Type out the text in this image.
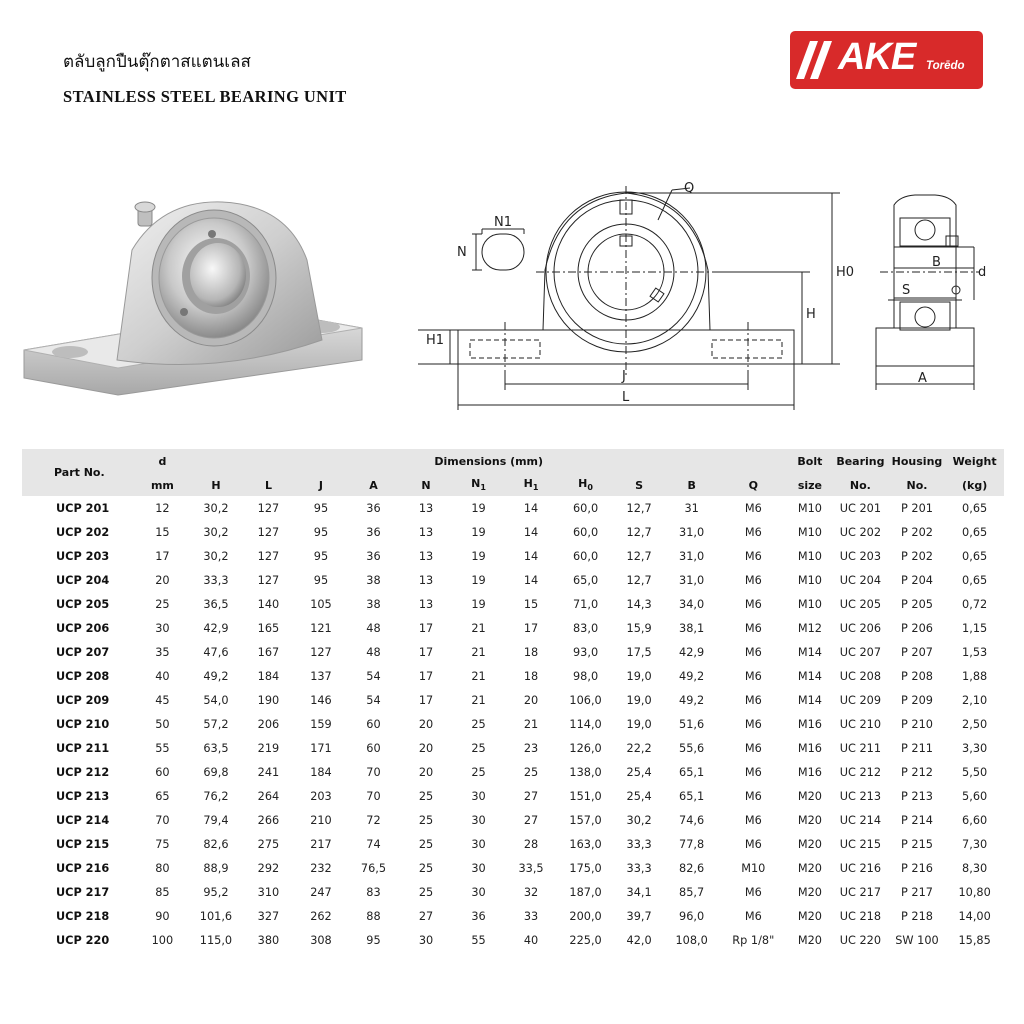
ตลับลูกปืนตุ๊กตาสแตนเลส
STAINLESS STEEL BEARING UNIT
AKE Torēdo
N1
N
J
L
H1
H
H0
Q
B
d
S
A
Part No.	d	Dimensions (mm)											Bolt	Bearing	Housing	Weight
	mm	H	L	J	A	N	$N_1$	$H_1$	$H_0$	S	B	Q	size	No.	No.	(kg)
UCP 201	12	30,2	127	95	36	13	19	14	60,0	12,7	31	M6	M10	UC 201	P 201	0,65
UCP 202	15	30,2	127	95	36	13	19	14	60,0	12,7	31,0	M6	M10	UC 202	P 202	0,65
UCP 203	17	30,2	127	95	36	13	19	14	60,0	12,7	31,0	M6	M10	UC 203	P 202	0,65
UCP 204	20	33,3	127	95	38	13	19	14	65,0	12,7	31,0	M6	M10	UC 204	P 204	0,65
UCP 205	25	36,5	140	105	38	13	19	15	71,0	14,3	34,0	M6	M10	UC 205	P 205	0,72
UCP 206	30	42,9	165	121	48	17	21	17	83,0	15,9	38,1	M6	M12	UC 206	P 206	1,15
UCP 207	35	47,6	167	127	48	17	21	18	93,0	17,5	42,9	M6	M14	UC 207	P 207	1,53
UCP 208	40	49,2	184	137	54	17	21	18	98,0	19,0	49,2	M6	M14	UC 208	P 208	1,88
UCP 209	45	54,0	190	146	54	17	21	20	106,0	19,0	49,2	M6	M14	UC 209	P 209	2,10
UCP 210	50	57,2	206	159	60	20	25	21	114,0	19,0	51,6	M6	M16	UC 210	P 210	2,50
UCP 211	55	63,5	219	171	60	20	25	23	126,0	22,2	55,6	M6	M16	UC 211	P 211	3,30
UCP 212	60	69,8	241	184	70	20	25	25	138,0	25,4	65,1	M6	M16	UC 212	P 212	5,50
UCP 213	65	76,2	264	203	70	25	30	27	151,0	25,4	65,1	M6	M20	UC 213	P 213	5,60
UCP 214	70	79,4	266	210	72	25	30	27	157,0	30,2	74,6	M6	M20	UC 214	P 214	6,60
UCP 215	75	82,6	275	217	74	25	30	28	163,0	33,3	77,8	M6	M20	UC 215	P 215	7,30
UCP 216	80	88,9	292	232	76,5	25	30	33,5	175,0	33,3	82,6	M10	M20	UC 216	P 216	8,30
UCP 217	85	95,2	310	247	83	25	30	32	187,0	34,1	85,7	M6	M20	UC 217	P 217	10,80
UCP 218	90	101,6	327	262	88	27	36	33	200,0	39,7	96,0	M6	M20	UC 218	P 218	14,00
UCP 220	100	115,0	380	308	95	30	55	40	225,0	42,0	108,0	Rp 1/8"	M20	UC 220	SW 100	15,85
